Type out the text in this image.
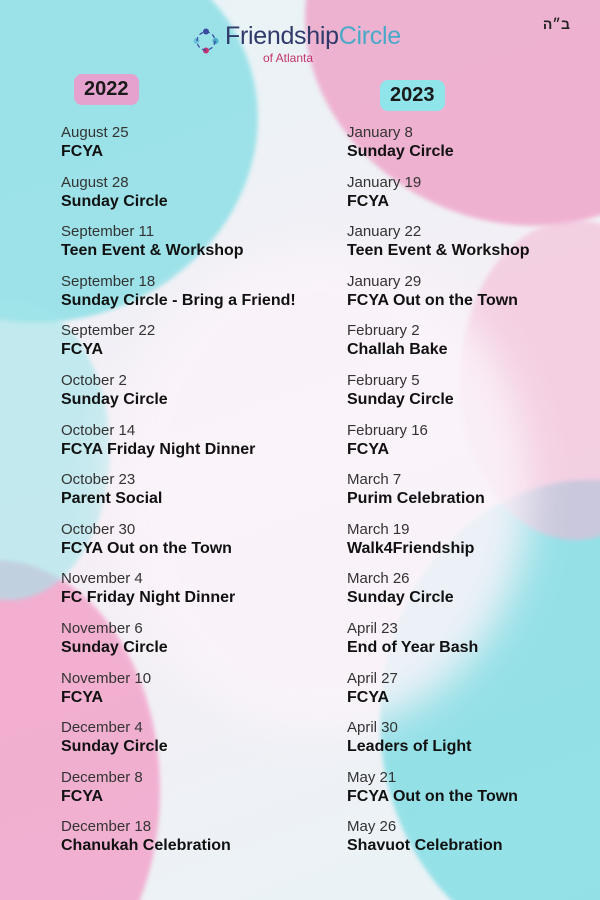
FriendshipCircle
of Atlanta
ב״ה
2022	2023
August 25
FCYA
August 28
Sunday Circle
September 11
Teen Event & Workshop
September 18
Sunday Circle - Bring a Friend!
September 22
FCYA
October 2
Sunday Circle
October 14
FCYA Friday Night Dinner
October 23
Parent Social
October 30
FCYA Out on the Town
November 4
FC Friday Night Dinner
November 6
Sunday Circle
November 10
FCYA
December 4
Sunday Circle
December 8
FCYA
December 18
Chanukah Celebration
January 8
Sunday Circle
January 19
FCYA
January 22
Teen Event & Workshop
January 29
FCYA Out on the Town
February 2
Challah Bake
February 5
Sunday Circle
February 16
FCYA
March 7
Purim Celebration
March 19
Walk4Friendship
March 26
Sunday Circle
April 23
End of Year Bash
April 27
FCYA
April 30
Leaders of Light
May 21
FCYA Out on the Town
May 26
Shavuot Celebration
